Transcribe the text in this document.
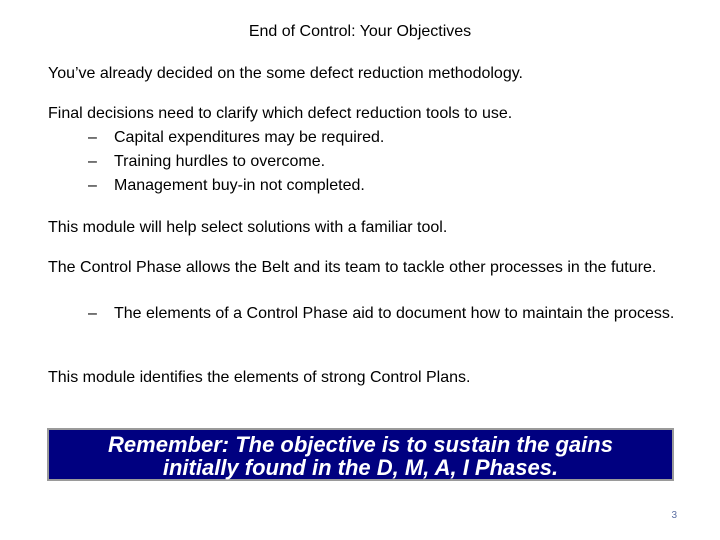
End of Control: Your Objectives

You’ve already decided on the some defect reduction methodology.

Final decisions need to clarify which defect reduction tools to use.

– Capital expenditures may be required.

– Training hurdles to overcome.

– Management buy-in not completed.

This module will help select solutions with a familiar tool.

The Control Phase allows the Belt and its team to tackle other processes in the future.

– The elements of a Control Phase aid to document how to maintain the process.

This module identifies the elements of strong Control Plans.

Remember: The objective is to sustain the gains
initially found in the D, M, A, I Phases.
3
